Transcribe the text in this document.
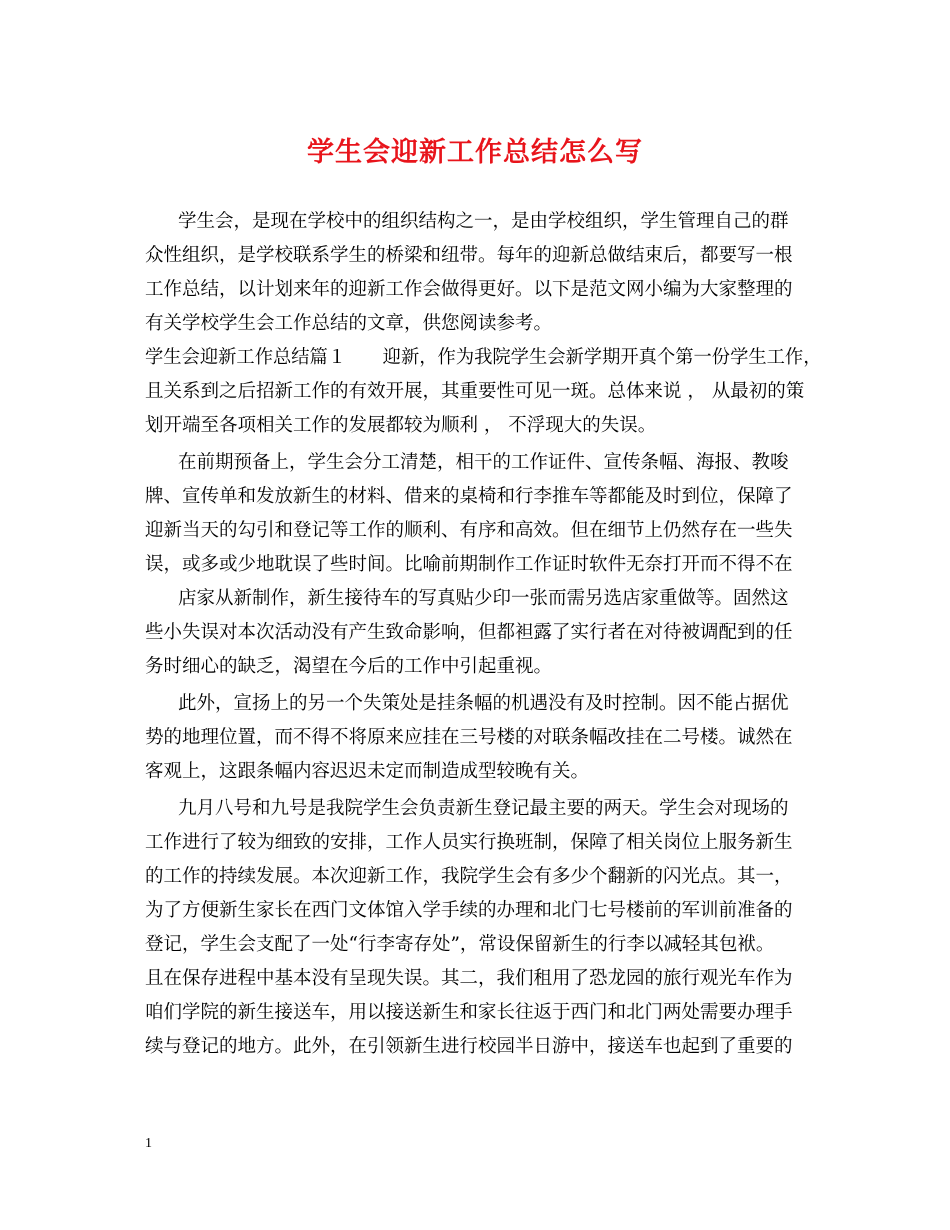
学生会迎新工作总结怎么写
学生会，是现在学校中的组织结构之一，是由学校组织，学生管理自己的群
众性组织，是学校联系学生的桥梁和纽带。每年的迎新总做结束后，都要写一根
工作总结，以计划来年的迎新工作会做得更好。以下是范文网小编为大家整理的
有关学校学生会工作总结的文章，供您阅读参考。
学生会迎新工作总结篇１　　迎新，作为我院学生会新学期开真个第一份学生工作，
且关系到之后招新工作的有效开展，其重要性可见一斑。总体来说 ， 从最初的策
划开端至各项相关工作的发展都较为顺利 ， 不浮现大的失误。
在前期预备上，学生会分工清楚，相干的工作证件、宣传条幅、海报、教唆
牌、宣传单和发放新生的材料、借来的桌椅和行李推车等都能及时到位，保障了
迎新当天的勾引和登记等工作的顺利、有序和高效。但在细节上仍然存在一些失
误，或多或少地耽误了些时间。比喻前期制作工作证时软件无奈打开而不得不在
店家从新制作，新生接待车的写真贴少印一张而需另选店家重做等。固然这
些小失误对本次活动没有产生致命影响，但都袒露了实行者在对待被调配到的任
务时细心的缺乏，渴望在今后的工作中引起重视。
此外，宣扬上的另一个失策处是挂条幅的机遇没有及时控制。因不能占据优
势的地理位置，而不得不将原来应挂在三号楼的对联条幅改挂在二号楼。诚然在
客观上，这跟条幅内容迟迟未定而制造成型较晚有关。
九月八号和九号是我院学生会负责新生登记最主要的两天。学生会对现场的
工作进行了较为细致的安排，工作人员实行换班制，保障了相关岗位上服务新生
的工作的持续发展。本次迎新工作，我院学生会有多少个翻新的闪光点。其一，
为了方便新生家长在西门文体馆入学手续的办理和北门七号楼前的军训前准备的
登记，学生会支配了一处“行李寄存处”，常设保留新生的行李以减轻其包袱。
且在保存进程中基本没有呈现失误。其二，我们租用了恐龙园的旅行观光车作为
咱们学院的新生接送车，用以接送新生和家长往返于西门和北门两处需要办理手
续与登记的地方。此外，在引领新生进行校园半日游中，接送车也起到了重要的
1
